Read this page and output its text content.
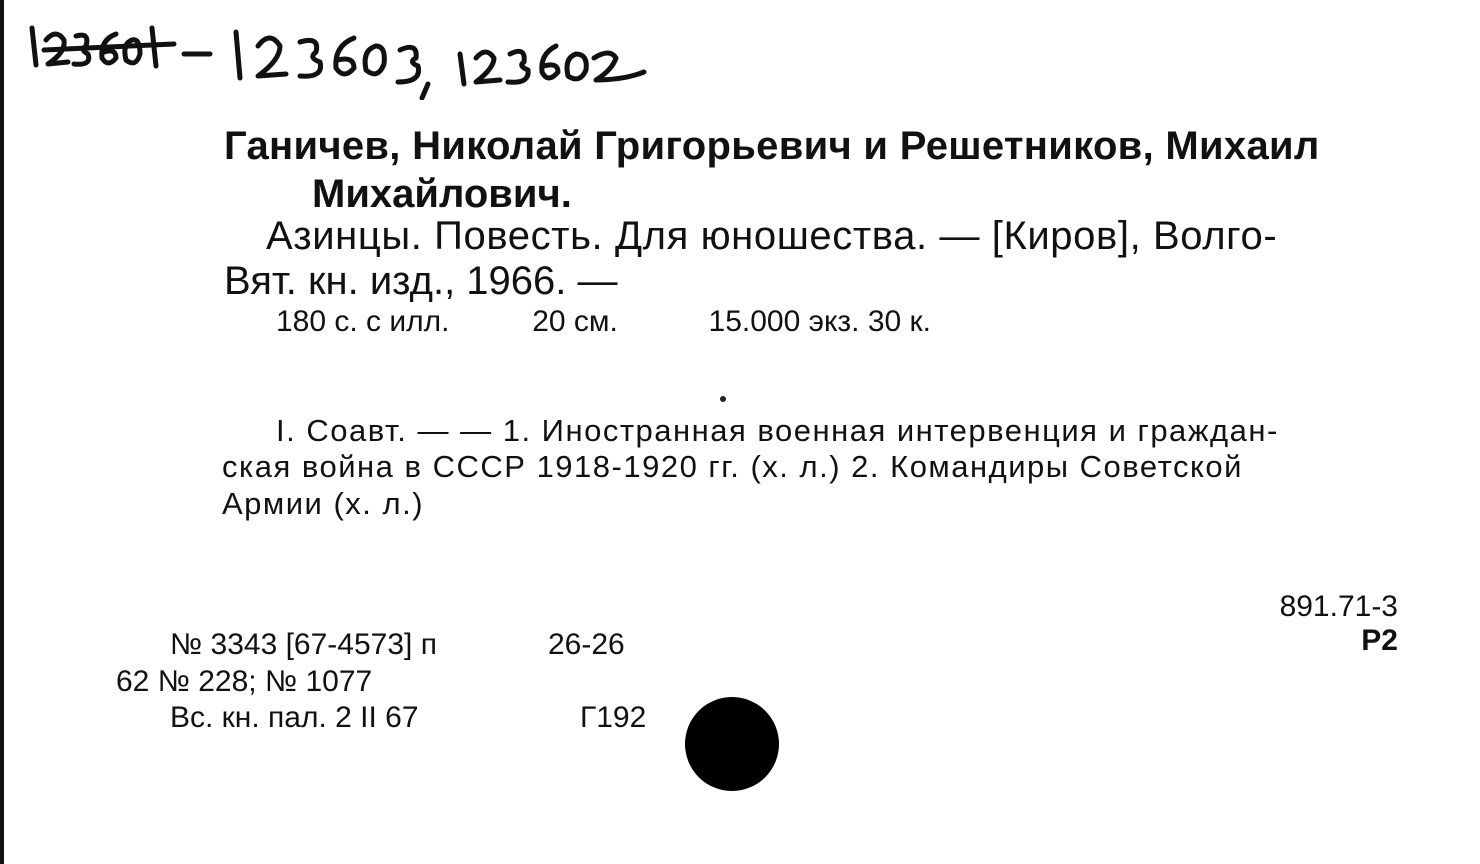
Ганичев, Николай Григорьевич и Решетников, Михаил
Михайлович.
Азинцы. Повесть. Для юношества. — [Киров], Волго-
Вят. кн. изд., 1966. —
180 с. с илл.	20 см.	15.000 экз. 30 к.
I. Соавт. — — 1. Иностранная военная интервенция и граждан-
ская война в СССР 1918-1920 гг. (х. л.) 2. Командиры Советской
Армии (х. л.)
891.71-3
Р2
№ 3343 [67-4573] п	26-26
62 № 228; № 1077
Вс. кн. пал. 2 II 67	Г192
